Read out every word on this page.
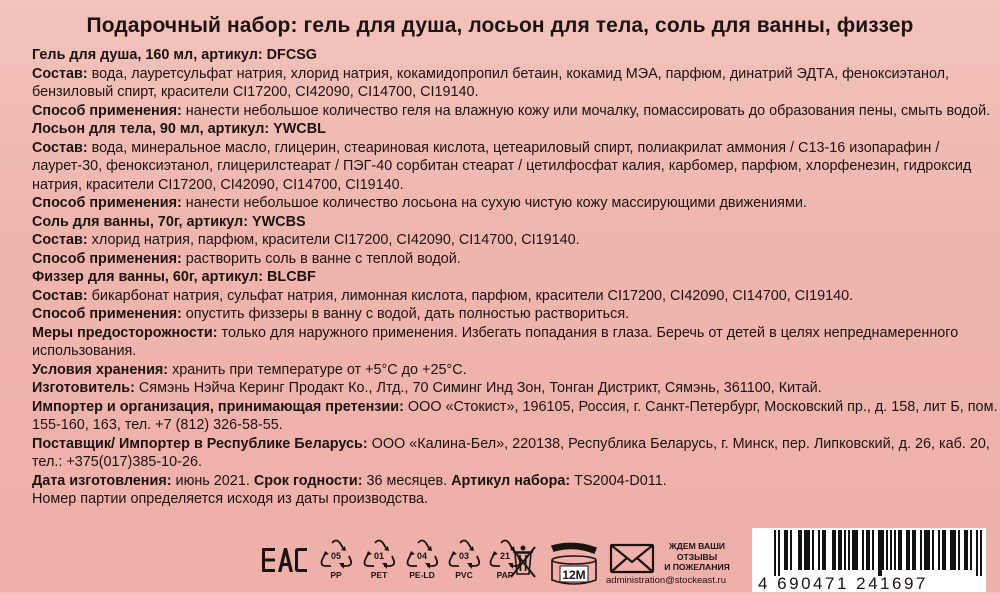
Подарочный набор: гель для душа, лосьон для тела, соль для ванны, физзер
Гель для душа, 160 мл, артикул: DFCSG
Состав: вода, лауретсульфат натрия, хлорид натрия, кокамидопропил бетаин, кокамид МЭА, парфюм, динатрий ЭДТА, феноксиэтанол,
бензиловый спирт, красители CI17200, CI42090, CI14700, CI19140.
Способ применения: нанести небольшое количество геля на влажную кожу или мочалку, помассировать до образования пены, смыть водой.
Лосьон для тела, 90 мл, артикул: YWCBL
Состав: вода, минеральное масло, глицерин, стеариновая кислота, цетеариловый спирт, полиакрилат аммония / C13-16 изопарафин /
лаурет-30, феноксиэтанол, глицерилстеарат / ПЭГ-40 сорбитан стеарат / цетилфосфат калия, карбомер, парфюм, хлорфенезин, гидроксид
натрия, красители CI17200, CI42090, CI14700, CI19140.
Способ применения: нанести небольшое количество лосьона на сухую чистую кожу массирующими движениями.
Соль для ванны, 70г, артикул: YWCBS
Состав: хлорид натрия, парфюм, красители CI17200, CI42090, CI14700, CI19140.
Способ применения: растворить соль в ванне с теплой водой.
Физзер для ванны, 60г, артикул: BLCBF
Состав: бикарбонат натрия, сульфат натрия, лимонная кислота, парфюм, красители CI17200, CI42090, CI14700, CI19140.
Способ применения: опустить физзеры в ванну с водой, дать полностью раствориться.
Меры предосторожности: только для наружного применения. Избегать попадания в глаза. Беречь от детей в целях непреднамеренного
использования.
Условия хранения: хранить при температуре от +5°C до +25°C.
Изготовитель: Сямэнь Нэйча Керинг Продакт Ко., Лтд., 70 Симинг Инд Зон, Тонган Дистрикт, Сямэнь, 361100, Китай.
Импортер и организация, принимающая претензии: ООО «Стокист», 196105, Россия, г. Санкт-Петербург, Московский пр., д. 158, лит Б, пом.
155-160, 163, тел. +7 (812) 326-58-55.
Поставщик/ Импортер в Республике Беларусь: ООО «Калина-Бел», 220138, Республика Беларусь, г. Минск, пер. Липковский, д. 26, каб. 20,
тел.: +375(017)385-10-26.
Дата изготовления: июнь 2021. Срок годности: 36 месяцев. Артикул набора: TS2004-D011.
Номер партии определяется исходя из даты производства.
05
PP
01
PET
04
PE-LD
03
PVC
21
PAP	12M
ЖДЕМ ВАШИ
ОТЗЫВЫ
И ПОЖЕЛАНИЯ
administration@stockeast.ru 4 690471 241697
